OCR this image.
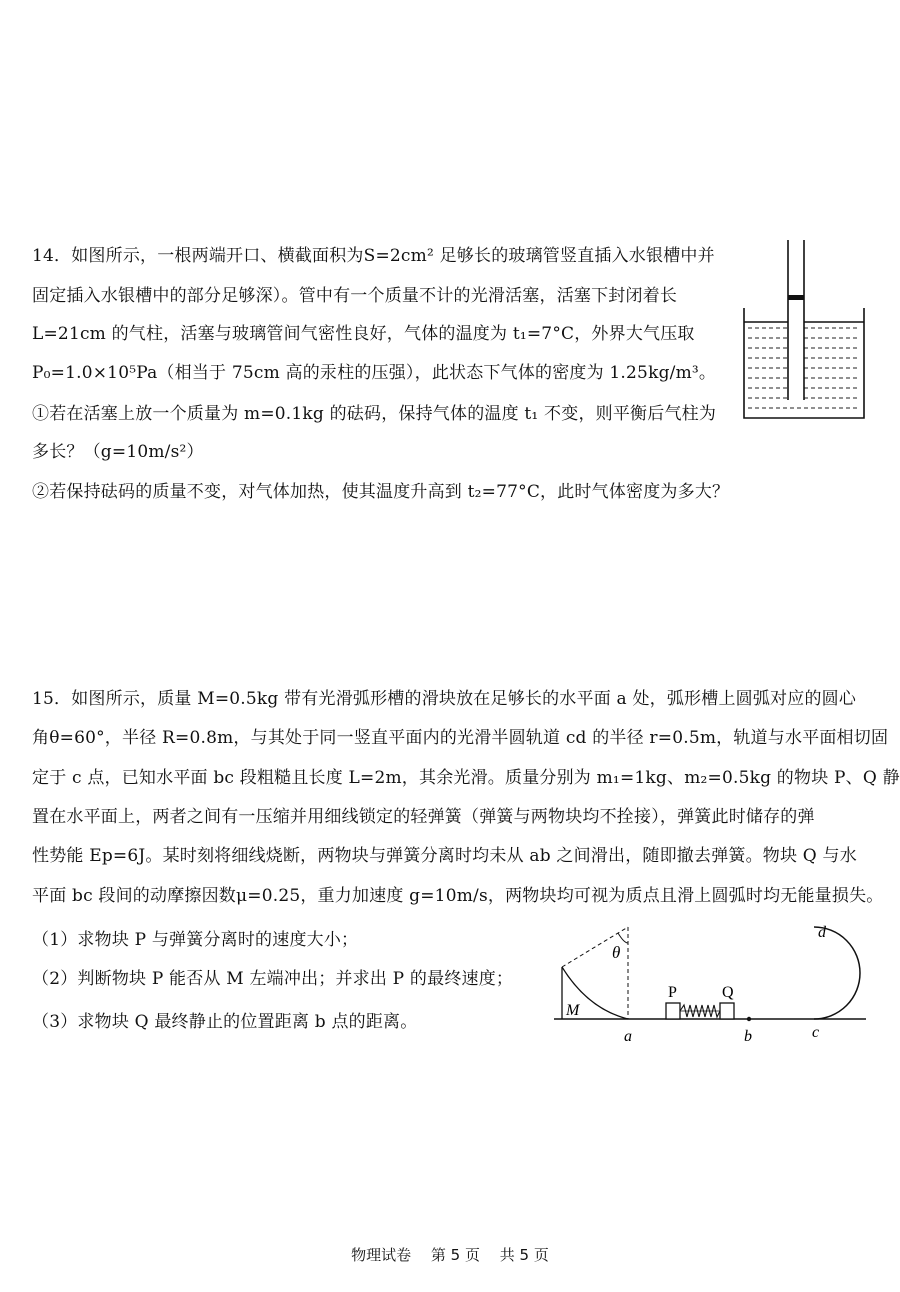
14．如图所示，一根两端开口、横截面积为S=2cm² 足够长的玻璃管竖直插入水银槽中并
固定插入水银槽中的部分足够深）。管中有一个质量不计的光滑活塞，活塞下封闭着长
L=21cm 的气柱，活塞与玻璃管间气密性良好，气体的温度为 t₁=7°C，外界大气压取
P₀=1.0×10⁵Pa（相当于 75cm 高的汞柱的压强），此状态下气体的密度为 1.25kg/m³。
①若在活塞上放一个质量为 m=0.1kg 的砝码，保持气体的温度 t₁ 不变，则平衡后气柱为
多长？（g=10m/s²）
②若保持砝码的质量不变，对气体加热，使其温度升高到 t₂=77°C，此时气体密度为多大？
15．如图所示，质量 M=0.5kg 带有光滑弧形槽的滑块放在足够长的水平面 a 处，弧形槽上圆弧对应的圆心
角θ=60°，半径 R=0.8m，与其处于同一竖直平面内的光滑半圆轨道 cd 的半径 r=0.5m，轨道与水平面相切固
定于 c 点，已知水平面 bc 段粗糙且长度 L=2m，其余光滑。质量分别为 m₁=1kg、m₂=0.5kg 的物块 P、Q 静
置在水平面上，两者之间有一压缩并用细线锁定的轻弹簧（弹簧与两物块均不拴接），弹簧此时储存的弹
性势能 Ep=6J。某时刻将细线烧断，两物块与弹簧分离时均未从 ab 之间滑出，随即撤去弹簧。物块 Q 与水
平面 bc 段间的动摩擦因数μ=0.25，重力加速度 g=10m/s，两物块均可视为质点且滑上圆弧时均无能量损失。
（1）求物块 P 与弹簧分离时的速度大小；
（2）判断物块 P 能否从 M 左端冲出；并求出 P 的最终速度；
（3）求物块 Q 最终静止的位置距离 b 点的距离。
θ
M
a
P	Q
b	c
d
物理试卷　 第 5 页　 共 5 页
